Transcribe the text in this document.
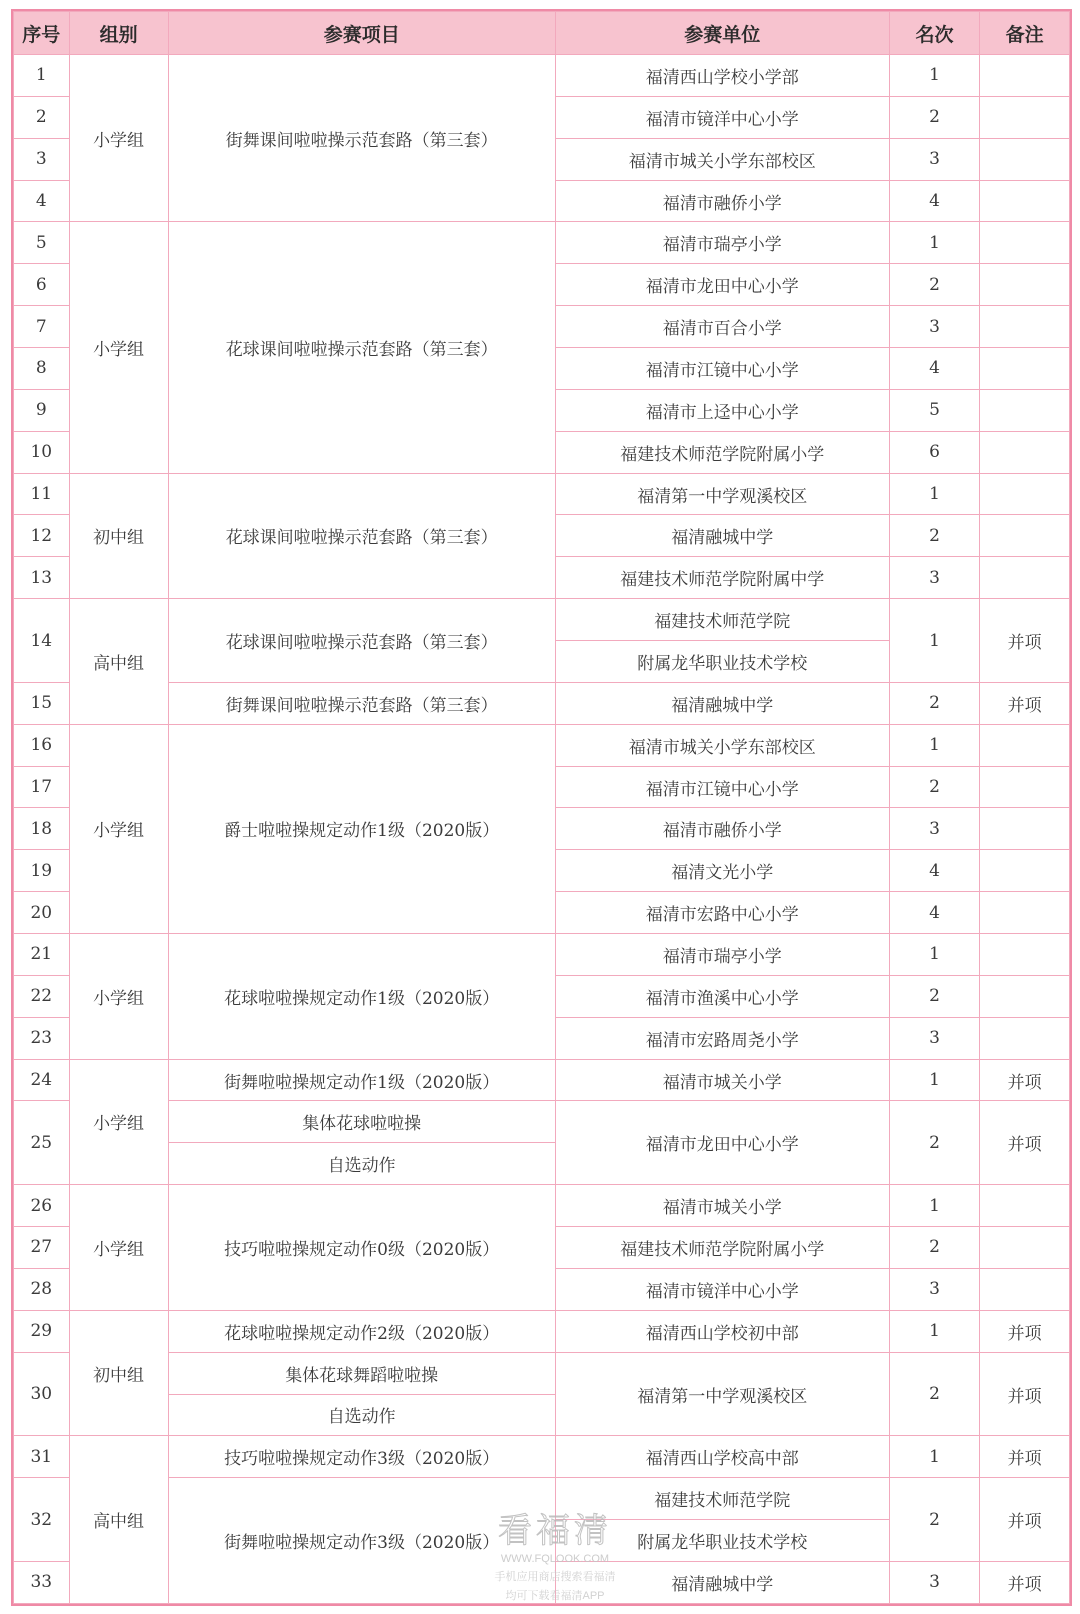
序号	组别	参赛项目	参赛单位	名次	备注
1	小学组	街舞课间啦啦操示范套路（第三套）	福清西山学校小学部	1	
2			福清市镜洋中心小学	2	
3			福清市城关小学东部校区	3	
4			福清市融侨小学	4	
5	小学组	花球课间啦啦操示范套路（第三套）	福清市瑞亭小学	1	
6			福清市龙田中心小学	2	
7			福清市百合小学	3	
8			福清市江镜中心小学	4	
9			福清市上迳中心小学	5	
10			福建技术师范学院附属小学	6	
11	初中组	花球课间啦啦操示范套路（第三套）	福清第一中学观溪校区	1	
12			福清融城中学	2	
13			福建技术师范学院附属中学	3	
14	高中组	花球课间啦啦操示范套路（第三套）	福建技术师范学院	1	并项
			附属龙华职业技术学校		
15		街舞课间啦啦操示范套路（第三套）	福清融城中学	2	并项
16	小学组	爵士啦啦操规定动作1级（2020版）	福清市城关小学东部校区	1	
17			福清市江镜中心小学	2	
18			福清市融侨小学	3	
19			福清文光小学	4	
20			福清市宏路中心小学	4	
21	小学组	花球啦啦操规定动作1级（2020版）	福清市瑞亭小学	1	
22			福清市渔溪中心小学	2	
23			福清市宏路周尧小学	3	
24	小学组	街舞啦啦操规定动作1级（2020版）	福清市城关小学	1	并项
25		集体花球啦啦操	福清市龙田中心小学	2	并项
		自选动作			
26	小学组	技巧啦啦操规定动作0级（2020版）	福清市城关小学	1	
27			福建技术师范学院附属小学	2	
28			福清市镜洋中心小学	3	
29	初中组	花球啦啦操规定动作2级（2020版）	福清西山学校初中部	1	并项
30		集体花球舞蹈啦啦操	福清第一中学观溪校区	2	并项
		自选动作			
31	高中组	技巧啦啦操规定动作3级（2020版）	福清西山学校高中部	1	并项
32		街舞啦啦操规定动作3级（2020版）	福建技术师范学院	2	并项
			附属龙华职业技术学校		
33			福清融城中学	3	并项
WWW.FQLOOK.COM
手机应用商店搜索看福清
均可下载看福清APP
